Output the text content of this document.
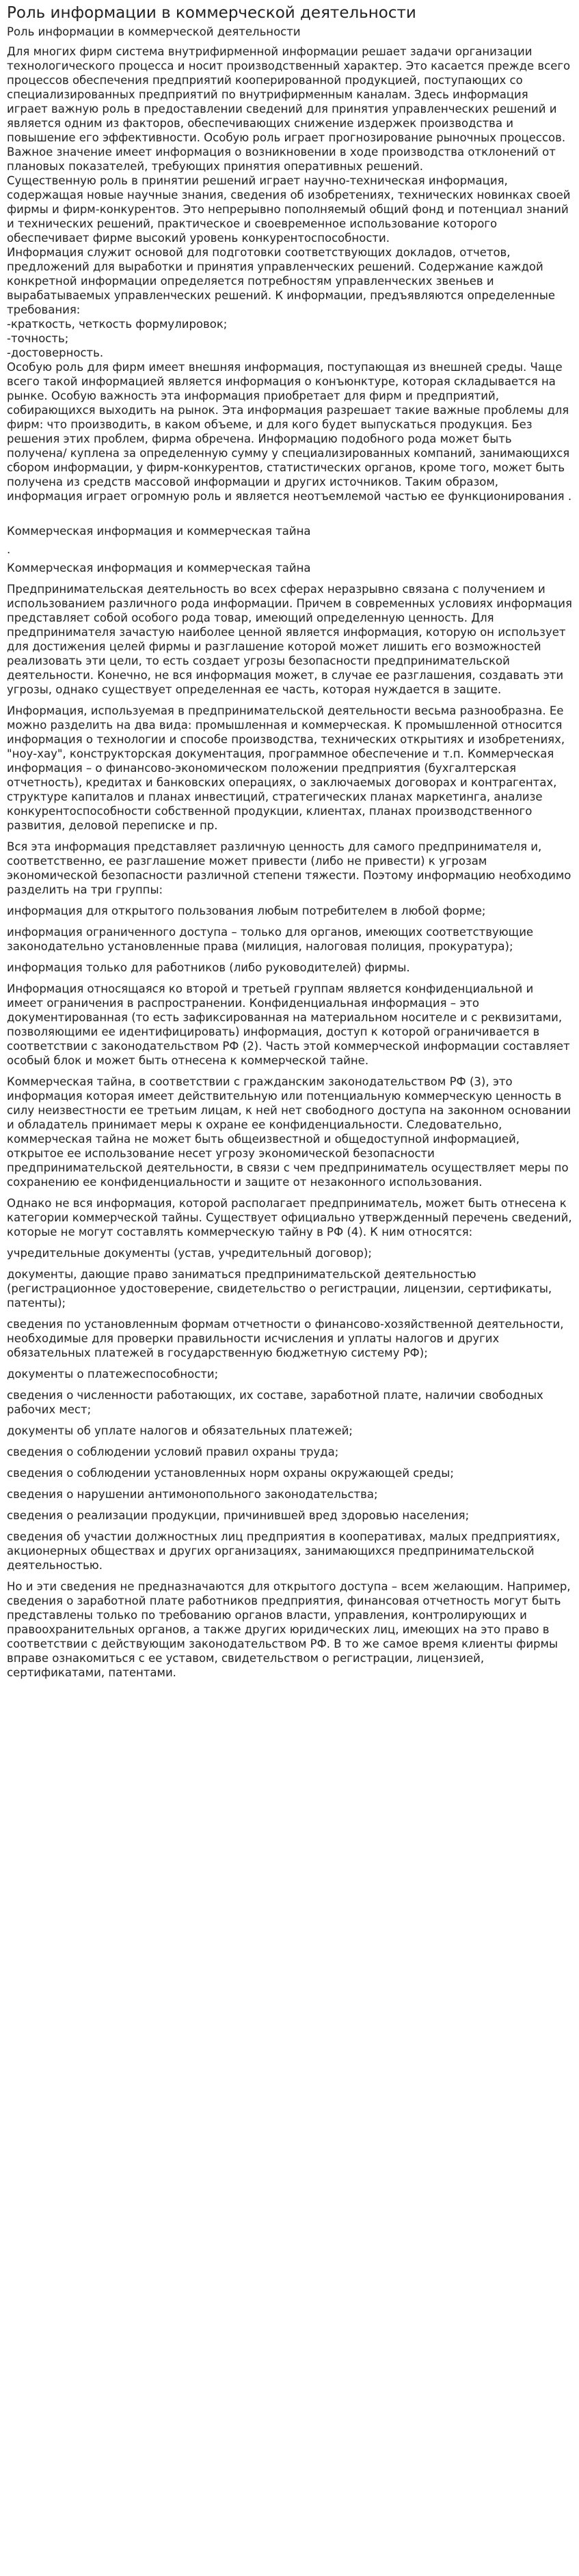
Роль информации в коммерческой деятельности

Роль информации в коммерческой деятельности

Для многих фирм система внутрифирменной информации решает задачи организации технологического процесса и носит производственный характер. Это касается прежде всего процессов обеспечения предприятий кооперированной продукцией, поступающих со специализированных предприятий по внутрифирменным каналам. Здесь информация играет важную роль в предоставлении сведений для принятия управленческих решений и является одним из факторов, обеспечивающих снижение издержек производства и повышение его эффективности. Особую роль играет прогнозирование рыночных процессов.

Важное значение имеет информация о возникновении в ходе производства отклонений от плановых показателей, требующих принятия оперативных решений.

Существенную роль в принятии решений играет научно-техническая информация, содержащая новые научные знания, сведения об изобретениях, технических новинках своей фирмы и фирм-конкурентов. Это непрерывно пополняемый общий фонд и потенциал знаний и технических решений, практическое и своевременное использование которого обеспечивает фирме высокий уровень конкурентоспособности.

Информация служит основой для подготовки соответствующих докладов, отчетов, предложений для выработки и принятия управленческих решений. Содержание каждой конкретной информации определяется потребностям управленческих звеньев и вырабатываемых управленческих решений. К информации, предъявляются определенные требования:

-краткость, четкость формулировок;

-точность;

-достоверность.

Особую роль для фирм имеет внешняя информация, поступающая из внешней среды. Чаще всего такой информацией является информация о конъюнктуре, которая складывается на рынке. Особую важность эта информация приобретает для фирм и предприятий, собирающихся выходить на рынок. Эта информация разрешает такие важные проблемы для фирм: что производить, в каком объеме, и для кого будет выпускаться продукция. Без решения этих проблем, фирма обречена. Информацию подобного рода может быть получена/ куплена за определенную сумму у специализированных компаний, занимающихся сбором информации, у фирм-конкурентов, статистических органов, кроме того, может быть получена из средств массовой информации и других источников. Таким образом, информация играет огромную роль и является неотъемлемой частью ее функционирования .

Коммерческая информация и коммерческая тайна

.

Коммерческая информация и коммерческая тайна

Предпринимательская деятельность во всех сферах неразрывно связана с получением и использованием различного рода информации. Причем в современных условиях информация представляет собой особого рода товар, имеющий определенную ценность. Для предпринимателя зачастую наиболее ценной является информация, которую он использует для достижения целей фирмы и разглашение которой может лишить его возможностей реализовать эти цели, то есть создает угрозы безопасности предпринимательской деятельности. Конечно, не вся информация может, в случае ее разглашения, создавать эти угрозы, однако существует определенная ее часть, которая нуждается в защите.

Информация, используемая в предпринимательской деятельности весьма разнообразна. Ее можно разделить на два вида: промышленная и коммерческая. К промышленной относится информация о технологии и способе производства, технических открытиях и изобретениях, "ноу-хау", конструкторская документация, программное обеспечение и т.п. Коммерческая информация – о финансово-экономическом положении предприятия (бухгалтерская отчетность), кредитах и банковских операциях, о заключаемых договорах и контрагентах, структуре капиталов и планах инвестиций, стратегических планах маркетинга, анализе конкурентоспособности собственной продукции, клиентах, планах производственного развития, деловой переписке и пр.

Вся эта информация представляет различную ценность для самого предпринимателя и, соответственно, ее разглашение может привести (либо не привести) к угрозам экономической безопасности различной степени тяжести. Поэтому информацию необходимо разделить на три группы:

информация для открытого пользования любым потребителем в любой форме;

информация ограниченного доступа – только для органов, имеющих соответствующие законодательно установленные права (милиция, налоговая полиция, прокуратура);

информация только для работников (либо руководителей) фирмы.

Информация относящаяся ко второй и третьей группам является конфиденциальной и имеет ограничения в распространении. Конфиденциальная информация – это документированная (то есть зафиксированная на материальном носителе и с реквизитами, позволяющими ее идентифицировать) информация, доступ к которой ограничивается в соответствии с законодательством РФ (2). Часть этой коммерческой информации составляет особый блок и может быть отнесена к коммерческой тайне.

Коммерческая тайна, в соответствии с гражданским законодательством РФ (3), это информация которая имеет действительную или потенциальную коммерческую ценность в силу неизвестности ее третьим лицам, к ней нет свободного доступа на законном основании и обладатель принимает меры к охране ее конфиденциальности. Следовательно, коммерческая тайна не может быть общеизвестной и общедоступной информацией, открытое ее использование несет угрозу экономической безопасности предпринимательской деятельности, в связи с чем предприниматель осуществляет меры по сохранению ее конфиденциальности и защите от незаконного использования.

Однако не вся информация, которой располагает предприниматель, может быть отнесена к категории коммерческой тайны. Существует официально утвержденный перечень сведений, которые не могут составлять коммерческую тайну в РФ (4). К ним относятся:

учредительные документы (устав, учредительный договор);

документы, дающие право заниматься предпринимательской деятельностью (регистрационное удостоверение, свидетельство о регистрации, лицензии, сертификаты, патенты);

сведения по установленным формам отчетности о финансово-хозяйственной деятельности, необходимые для проверки правильности исчисления и уплаты налогов и других обязательных платежей в государственную бюджетную систему РФ);

документы о платежеспособности;

сведения о численности работающих, их составе, заработной плате, наличии свободных рабочих мест;

документы об уплате налогов и обязательных платежей;

сведения о соблюдении условий правил охраны труда;

сведения о соблюдении установленных норм охраны окружающей среды;

сведения о нарушении антимонопольного законодательства;

сведения о реализации продукции, причинившей вред здоровью населения;

сведения об участии должностных лиц предприятия в кооперативах, малых предприятиях, акционерных обществах и других организациях, занимающихся предпринимательской деятельностью.

Но и эти сведения не предназначаются для открытого доступа – всем желающим. Например, сведения о заработной плате работников предприятия, финансовая отчетность могут быть представлены только по требованию органов власти, управления, контролирующих и правоохранительных органов, а также других юридических лиц, имеющих на это право в соответствии с действующим законодательством РФ. В то же самое время клиенты фирмы вправе ознакомиться с ее уставом, свидетельством о регистрации, лицензией, сертификатами, патентами.
